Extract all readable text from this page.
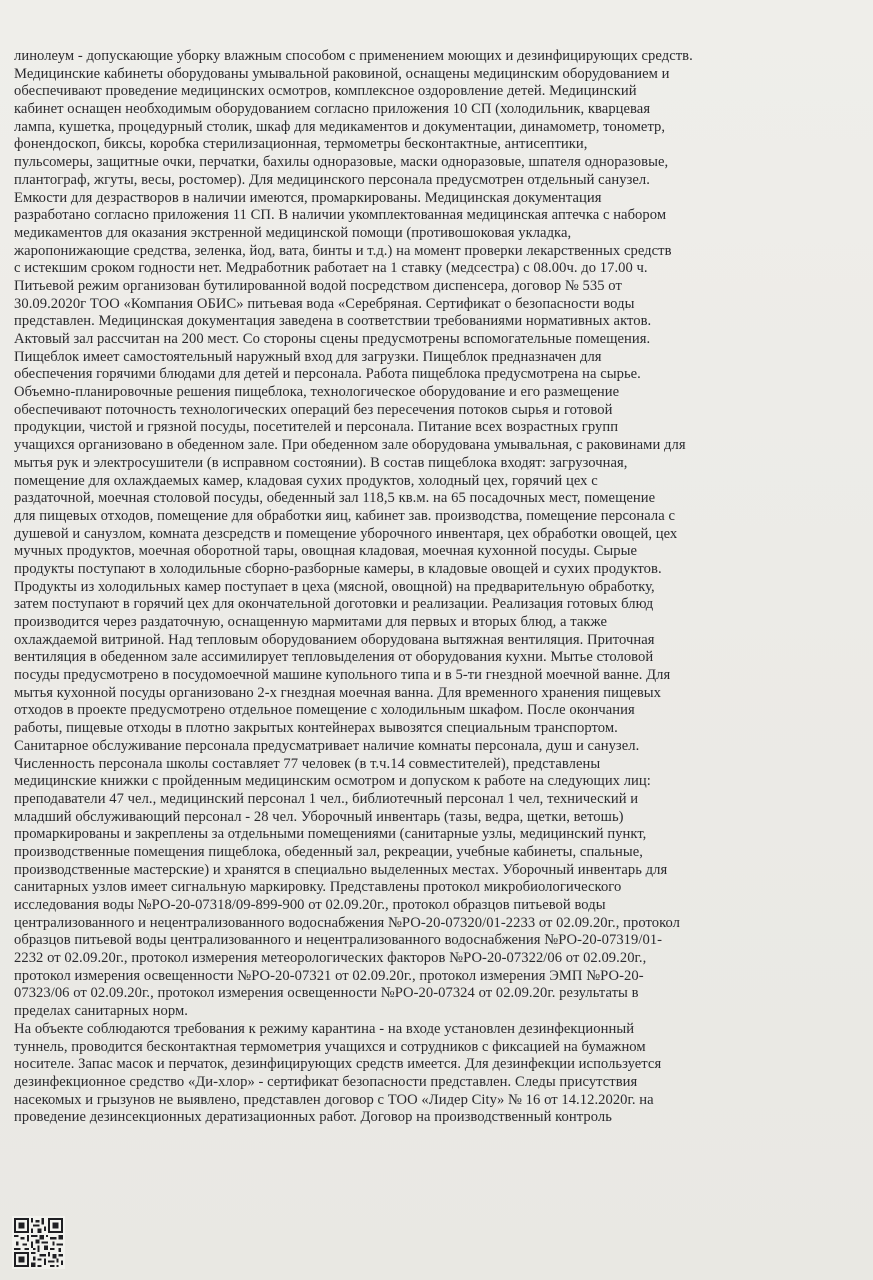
линолеум - допускающие уборку влажным способом с применением моющих и дезинфицирующих средств.
Медицинские кабинеты оборудованы умывальной раковиной, оснащены медицинским оборудованием и
обеспечивают проведение медицинских осмотров, комплексное оздоровление детей. Медицинский
кабинет оснащен необходимым оборудованием согласно приложения 10 СП (холодильник, кварцевая
лампа, кушетка, процедурный столик, шкаф для медикаментов и документации, динамометр, тонометр,
фонендоскоп, биксы, коробка стерилизационная, термометры бесконтактные, антисептики,
пульсомеры, защитные очки, перчатки, бахилы одноразовые, маски одноразовые, шпателя одноразовые,
плантограф, жгуты, весы, ростомер). Для медицинского персонала предусмотрен отдельный санузел.
Емкости для дезрастворов в наличии имеются, промаркированы. Медицинская документация
разработано согласно приложения 11 СП. В наличии укомплектованная медицинская аптечка с набором
медикаментов для оказания экстренной медицинской помощи (противошоковая укладка,
жаропонижающие средства, зеленка, йод, вата, бинты и т.д.) на момент проверки лекарственных средств
с истекшим сроком годности нет. Медработник работает на 1 ставку (медсестра) с 08.00ч. до 17.00 ч.
Питьевой режим организован бутилированной водой посредством диспенсера, договор № 535 от
30.09.2020г ТОО «Компания ОБИС» питьевая вода «Серебряная. Сертификат о безопасности воды
представлен. Медицинская документация заведена в соответствии требованиями нормативных актов.
Актовый зал рассчитан на 200 мест. Со стороны сцены предусмотрены вспомогательные помещения.
Пищеблок имеет самостоятельный наружный вход для загрузки. Пищеблок предназначен для
обеспечения горячими блюдами для детей и персонала. Работа пищеблока предусмотрена на сырье.
Объемно-планировочные решения пищеблока, технологическое оборудование и его размещение
обеспечивают поточность технологических операций без пересечения потоков сырья и готовой
продукции, чистой и грязной посуды, посетителей и персонала. Питание всех возрастных групп
учащихся организовано в обеденном зале. При обеденном зале оборудована умывальная, с раковинами для
мытья рук и электросушители (в исправном состоянии). В состав пищеблока входят: загрузочная,
помещение для охлаждаемых камер, кладовая сухих продуктов, холодный цех, горячий цех с
раздаточной, моечная столовой посуды, обеденный зал 118,5 кв.м. на 65 посадочных мест, помещение
для пищевых отходов, помещение для обработки яиц, кабинет зав. производства, помещение персонала с
душевой и санузлом, комната дезсредств и помещение уборочного инвентаря, цех обработки овощей, цех
мучных продуктов, моечная оборотной тары, овощная кладовая, моечная кухонной посуды. Сырые
продукты поступают в холодильные сборно-разборные камеры, в кладовые овощей и сухих продуктов.
Продукты из холодильных камер поступает в цеха (мясной, овощной) на предварительную обработку,
затем поступают в горячий цех для окончательной доготовки и реализации. Реализация готовых блюд
производится через раздаточную, оснащенную мармитами для первых и вторых блюд, а также
охлаждаемой витриной. Над тепловым оборудованием оборудована вытяжная вентиляция. Приточная
вентиляция в обеденном зале ассимилирует тепловыделения от оборудования кухни. Мытье столовой
посуды предусмотрено в посудомоечной машине купольного типа и в 5-ти гнездной моечной ванне. Для
мытья кухонной посуды организовано 2-х гнездная моечная ванна. Для временного хранения пищевых
отходов в проекте предусмотрено отдельное помещение с холодильным шкафом. После окончания
работы, пищевые отходы в плотно закрытых контейнерах вывозятся специальным транспортом.
Санитарное обслуживание персонала предусматривает наличие комнаты персонала, душ и санузел.
Численность персонала школы составляет 77 человек (в т.ч.14 совместителей), представлены
медицинские книжки с пройденным медицинским осмотром и допуском к работе на следующих лиц:
преподаватели 47 чел., медицинский персонал 1 чел., библиотечный персонал 1 чел, технический и
младший обслуживающий персонал - 28 чел. Уборочный инвентарь (тазы, ведра, щетки, ветошь)
промаркированы и закреплены за отдельными помещениями (санитарные узлы, медицинский пункт,
производственные помещения пищеблока, обеденный зал, рекреации, учебные кабинеты, спальные,
производственные мастерские) и хранятся в специально выделенных местах. Уборочный инвентарь для
санитарных узлов имеет сигнальную маркировку. Представлены протокол микробиологического
исследования воды №РО-20-07318/09-899-900 от 02.09.20г., протокол образцов питьевой воды
централизованного и нецентрализованного водоснабжения №РО-20-07320/01-2233 от 02.09.20г., протокол
образцов питьевой воды централизованного и нецентрализованного водоснабжения №РО-20-07319/01-
2232 от 02.09.20г., протокол измерения метеорологических факторов №РО-20-07322/06 от 02.09.20г.,
протокол измерения освещенности №РО-20-07321 от 02.09.20г., протокол измерения ЭМП №РО-20-
07323/06 от 02.09.20г., протокол измерения освещенности №РО-20-07324 от 02.09.20г. результаты в
пределах санитарных норм.
На объекте соблюдаются требования к режиму карантина - на входе установлен дезинфекционный
туннель, проводится бесконтактная термометрия учащихся и сотрудников с фиксацией на бумажном
носителе. Запас масок и перчаток, дезинфицирующих средств имеется. Для дезинфекции используется
дезинфекционное средство «Ди-хлор» - сертификат безопасности представлен. Следы присутствия
насекомых и грызунов не выявлено, представлен договор с ТОО «Лидер City» № 16 от 14.12.2020г. на
проведение дезинсекционных дератизационных работ. Договор на производственный контроль
